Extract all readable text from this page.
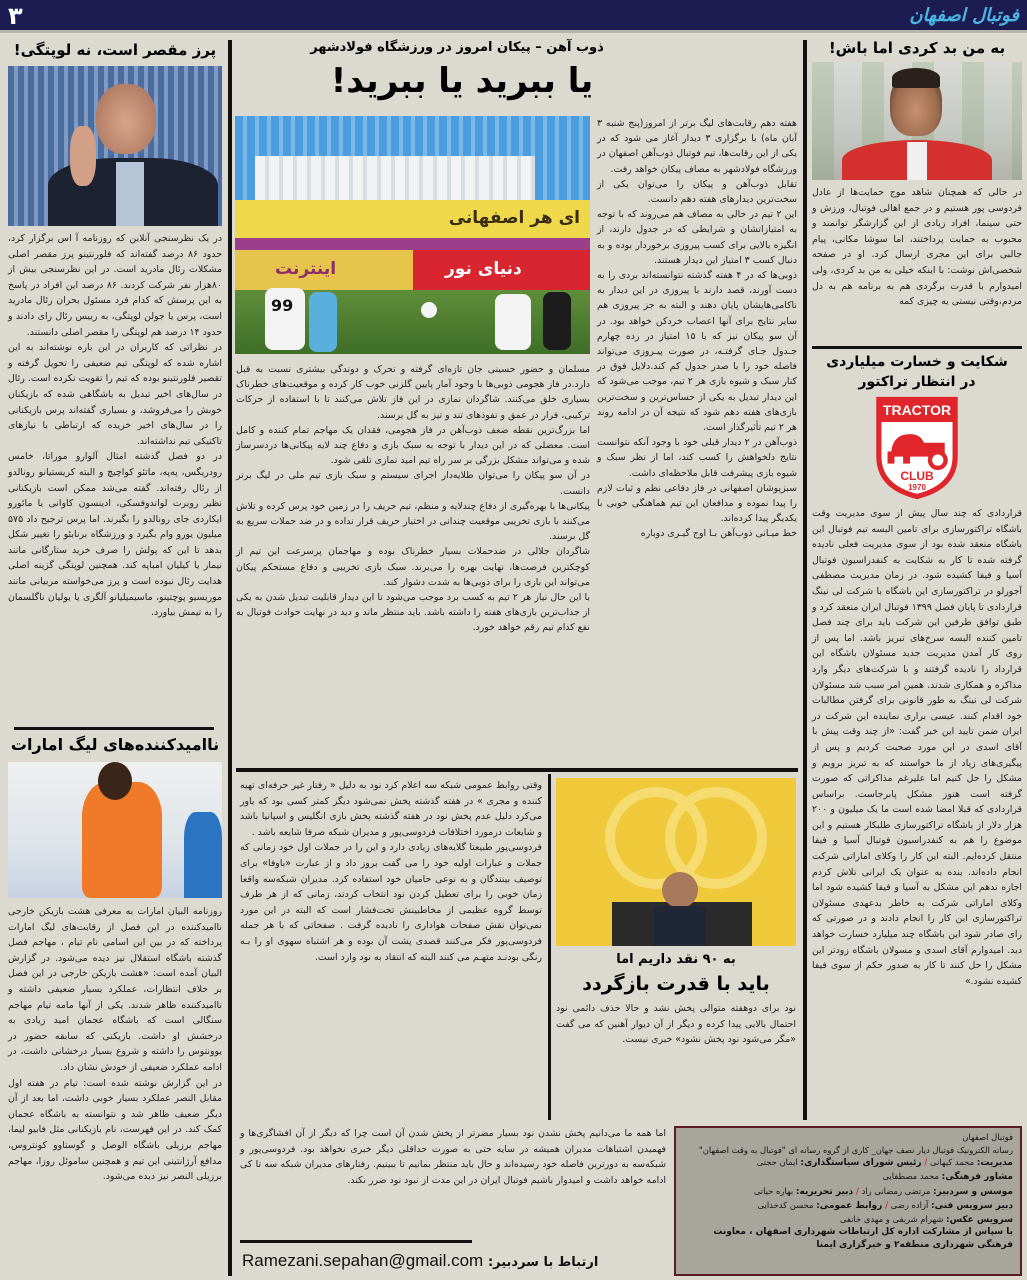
۳	فوتبال اصفهان
به من بد کردی اما باش!
در حالی که همچنان شاهد موج حمایت‌ها از عادل فردوسی پور هستیم و در جمع اهالی فوتبال، ورزش و حتی سینما، افراد زیادی از این گزارشگر توانمند و محبوب به حمایت پرداختند، اما سوشا مکانی، پیام جالبی برای این مجری ارسال کرد. او در صفحه شخصی‌اش نوشت: با اینکه خیلی به من بد کردی، ولی امیدوارم با قدرت برگردی هم به برنامه هم به دل مردم،وقتی نیستی یه چیزی کمه
شکایت و خسارت میلیاردی
در انتظار تراکتور
TRACTOR
CLUB
1970
قراردادی که چند سال پیش از سوی مدیریت وقت باشگاه تراکتورسازی برای تامین البسه تیم فوتبال این باشگاه منعقد شده بود از سوی مدیریت فعلی نادیده گرفته شده تا کار به شکایت به کنفدراسیون فوتبال آسیا و فیفا کشیده شود. در زمان مدیریت مصطفی آجورلو در تراکتورسازی این باشگاه با شرکت لی نینگ قراردادی تا پایان فصل ۱۳۹۹ فوتبال ایران منعقد کرد و طبق توافق طرفین این شرکت باید برای چند فصل تامین کننده البسه سرخ‌های تبریز باشد. اما پس از روی کار آمدن مدیریت جدید مسئولان باشگاه این قرارداد را نادیده گرفتند و با شرکت‌های دیگر وارد مذاکره و همکاری شدند. همین امر سبب شد مسئولان شرکت لی نینگ به طور قانونی برای گرفتن مطالبات خود اقدام کنند. عیسی براری نماینده این شرکت در ایران ضمن تایید این خبر گفت: «از چند وقت پیش با آقای اسدی در این مورد صحبت کردیم و پس از پیگیری‌های زیاد از ما خواستند که به تبریز برویم و مشکل را حل کنیم اما علیرغم مذاکراتی که صورت گرفته است هنوز مشکل پابرجاست. براساس قراردادی که قبلا امضا شده است ما یک میلیون و ۲۰۰ هزار دلار از باشگاه تراکتورسازی طلبکار هستیم و این موضوع را هم به کنفدراسیون فوتبال آسیا و فیفا منتقل کرده‌ایم. البته این کار را وکلای اماراتی شرکت انجام داده‌اند. بنده به عنوان یک ایرانی تلاش کردم اجازه ندهم این مشکل به آسیا و فیفا کشیده شود اما وکلای اماراتی شرکت به خاطر بدعهدی مسئولان تراکتورسازی این کار را انجام دادند و در صورتی که رای صادر شود این باشگاه چند میلیارد خسارت خواهد دید. امیدوارم آقای اسدی و مسولان باشگاه زودتر این مشکل را حل کنند تا کار به صدور حکم از سوی فیفا کشیده نشود.»
ذوب آهن – پیکان امروز در ورزشگاه فولادشهر
یا ببرید یا ببرید!
99
ای هر اصفهانی
اینترنت	دنیای نور

هفته دهم رقابت‌های لیگ برتر از امروز(پنج شنبه ۳ آبان ماه) با برگزاری ۳ دیدار آغاز می شود که در یکی از این رقابت‌ها، تیم فوتبال ذوب‌آهن اصفهان در ورزشگاه فولادشهر به مصاف پیکان خواهد رفت.

تقابل ذوب‌آهن و پیکان را می‌توان یکی از سخت‌ترین دیدارهای هفته دهم دانست.

این ۲ تیم در حالی به مصاف هم می‌روند که با توجه به امتیازاتشان و شرایطی که در جدول دارند، از انگیزه بالایی برای کسب پیروزی برخوردار بوده و به دنبال کسب ۳ امتیاز این دیدار هستند.

ذوبی‌ها که در ۴ هفته گذشته نتوانسته‌اند بردی را به دست آورند، قصد دارند با پیروزی در این دیدار به ناکامی‌هایشان پایان دهند و البته به جز پیروزی هم سایر نتایج برای آنها اعصاب خردکن خواهد بود. در آن سو پیکان نیز که با ۱۵ امتیاز در رده چهارم جـدول جـای گرفتـه، در صورت پیـروزی می‌تواند فاصله خود را با صدر جدول کم کند.دلایل فوق در کنار سبک و شیوه بازی هر ۲ تیم، موجب می‌شود که این دیدار تبدیل به یکی از حساس‌ترین و سخت‌ترین بازی‌های هفته دهم شود که نتیجه آن در ادامه روند هر ۲ تیم تأثیرگذار است.

ذوب‌آهن در ۲ دیدار قبلی خود با وجود آنکه نتوانست نتایج دلخواهش را کسب کند، اما از نظر سبک و شیوه بازی پیشرفت قابل ملاحظه‌ای داشت.

سبزپوشان اصفهانی در فاز دفاعی نظم و ثبات لازم را پیدا نموده و مدافعان این تیم هماهنگی خوبی با یکدیگر پیدا کرده‌اند.

خط میـانی ذوب‌آهن بـا اوج گیـری دوباره

مسلمان و حضور حسینی جان تازه‌ای گرفته و تحرک و دوندگی بیشتری نسبت به قبل دارد.در فاز هجومی ذوبی‌ها با وجود آمار پایین گلزنی خوب کار کرده و موقعیت‌های خطرناک بسیاری خلق می‌کنند. شاگردان نمازی در این فاز تلاش می‌کنند تا با استفاده از حرکات ترکیبی، فرار در عمق و نفوذهای تند و تیز به گل برسند.

اما بزرگ‌ترین نقطه ضعف ذوب‌آهن در فاز هجومی، فقدان یک مهاجم تمام کننده و کامل است. معضلی که در این دیدار با توجه به سبک بازی و دفاع چند لایه پیکانی‌ها دردسرساز شده و می‌تواند مشکل بزرگی بر سر راه تیم امید نمازی تلقی شود.

در آن سو پیکان را می‌توان طلایه‌دار اجرای سیستم و سبک بازی تیم ملی در لیگ برتر دانست.

پیکانی‌ها با بهره‌گیری از دفاع چندلایه و منظم، تیم حریف را در زمین خود پرس کرده و تلاش می‌کنند با بازی تخریبی موقعیت چندانی در اختیار حریف قرار نداده و در ضد حملات سریع به گل برسند.

شاگردان جلالی در ضدحملات بسیار خطرناک بوده و مهاجمان پرسرعت این تیم از کوچکترین فرصت‌ها، نهایت بهره را می‌برند. سبک بازی تخریبی و دفاع مستحکم پیکان می‌تواند این بازی را برای ذوبی‌ها به شدت دشوار کند.

با این حال نیاز هر ۲ تیم به کسب برد موجب می‌شود تا این دیدار قابلیت تبدیل شدن به یکی از جذاب‌ترین بازی‌های هفته را داشته باشد. باید منتظر ماند و دید در نهایت حوادث فوتبال به نفع کدام تیم رقم خواهد خورد.

به ۹۰ نقد داریم اما
باید با قدرت بازگردد
نود برای دوهفته متوالی پخش نشد و حالا حذف دائمی نود احتمال بالایی پیدا کرده و دیگر از آن دیوار آهنین که می گفت «مگر می‌شود نود پخش نشود» خبری نیست.

وقتی روابط عمومی شبکه سه اعلام کرد نود به دلیل « رفتار غیر حرفه‌ای تهیه کننده و مجری » در هفته گذشته پخش نمی‌شود دیگر کمتر کسی بود که باور می‌کرد دلیل عدم پخش نود در هفته گذشته پخش بازی انگلیس و اسپانیا باشد و شایعات درمورد اختلافات فردوسی‌پور و مدیران شبکه صرفا شایعه باشد .

فردوسی‌پور طبیعتا گلایه‌های زیادی دارد و این را در جملات اول خود زمانی که جملات و عبارات اولیه خود را می گفت بروز داد و از عبارت «باوفا» برای توصیف بینندگان و به نوعی حامیان خود استفاده کرد. مدیران شبکه‌سه واقعا زمان خوبی را برای تعطیل کردن نود انتخاب کردند، زمانی که از هر طرف توسط گروه عظیمی از مخاطبینش تحت‌فشار است که البته در این مورد نمی‌توان نقش صفحات هواداری را نادیده گرفت . صفحاتی که با هر جمله فردوسی‌پور فکر می‌کنند قصدی پشت آن بوده و هر اشتباه سهوی او را بـه رنگی بودنـد متهـم می کنند البته که انتقاد به نود وارد است.

اما همه ما می‌دانیم پخش نشدن نود بسیار مضرتر از پخش شدن آن است چرا که دیگر از آن افشاگری‌ها و فهمیدن اشتباهات مدیران همیشه در سایه حتی به صورت حداقلی دیگر خبری نخواهد بود. فردوسی‌پور و شبکه‌سه به دورترین فاصله خود رسیده‌اند و حال باید منتظر بمانیم تا ببینیم. رفتارهای مدیران شبکه سه تا کی ادامه خواهد داشت و امیدوار باشیم فوتبال ایران در این مدت از نبود نود ضرر نکند.

Ramezani.sepahan@gmail.com ارتباط با سردبیر:
فوتبال اصفهان
رسانه الکترونیک فوتبال دیار نصف جهان_ کاری از گروه رسانه ای "فوتبال به وقت اصفهان"
مدیریت: محمد کیهانی / رئیس شورای سیاستگذاری: ایمان حجتی
مشاور فرهنگی: محمد مصطفایی
موسس و سردبیر: مرتضی رمضانی راد / دبیر تحریریه: بهاره حیاتی
دبیر سرویس فنی: آزاده رضی / روابط عمومی: محسن کدخدایی
سرویس عکس: شهرام شریفی و مهدی خانفی
با سپاس از مشارکت اداره کل ارتباطات شهرداری اصفهان ، معاونت فرهنگی شهرداری منطقه۲ و خبرگزاری ایمنا
پرز مقصر است، نه لوپتگی!

در یک نظرسنجی آنلاین که روزنامه آ اس برگزار کرد، حدود ۸۶ درصد گفته‌اند که فلورنتینو پرز مقصر اصلی مشکلات رئال مادرید است. در این نظرسنجی بیش از ۸۰هزار نفر شرکت کردند. ۸۶ درصد این افراد در پاسخ به این پرسش که کدام فرد مسئول بحران رئال مادرید است، پرس یا جولن لوپتگی، به رییس رئال رای دادند و حدود ۱۴ درصد هم لوپتگی را مقصر اصلی دانستند.

در نظراتی که کاربران در این باره نوشته‌اند به این اشاره شده که لوپتگی تیم ضعیفی را تحویل گرفته و تقصیر فلورنتینو بوده که تیم را تقویت نکرده است. رئال در سال‌های اخیر تبدیل به باشگاهی شده که بازیکنان خوبش را می‌فروشد، و بسیاری گفته‌اند پرس بازیکنانی را در سال‌های اخیر خریده که ارتباطی با نیازهای تاکتیکی تیم نداشته‌اند.

در دو فصل گذشته امثال آلوارو موراتا، خامس رودریگس، په‌په، ماتئو کواچیچ و البته کریستیانو رونالدو از رئال رفته‌اند. گفته می‌شد ممکن است بازیکنانی نظیر روبرت لواندوفسکی، ادینسون کاوانی یا مائورو ایکاردی جای رونالدو را بگیرند. اما پرس ترجیح داد ۵۷۵ میلیون یورو وام بگیرد و ورزشگاه برنابئو را تغییر شکل بدهد تا این که پولش را صرف خرید ستارگانی مانند نیمار یا کیلیان امباپه کند. همچنین لوپتگی گزینه اصلی هدایت رئال نبوده است و پرز می‌خواسته مربیانی مانند موریسیو پوچتینو، ماسیمیلیانو آلگری یا یولیان ناگلسمان را به تیمش بیاورد.

ناامیدکننده‌های لیگ امارات

روزنامه البیان امارات به معرفی هشت بازیکن خارجی ناامیدکننده در این فصل از رقابت‌های لیگ امارات پرداخته که در بین این اسامی نام تیام ، مهاجم فصل گذشته باشگاه استقلال نیز دیده می‌شود. در گزارش البیان آمده است: «هشت بازیکن خارجی در این فصل بر خلاف انتظارات، عملکرد بسیار ضعیفی داشته و ناامیدکننده ظاهر شدند. یکی از آنها مامه تیام مهاجم سنگالی است که باشگاه عجمان امید زیادی به درخشش او داشت. بازیکنی که سابقه حضور در یوونتوس را داشته و شروع بسیار درخشانی داشت، در ادامه عملکرد ضعیفی از خودش نشان داد.

در این گزارش نوشته شده است: تیام در هفته اول مقابل النصر عملکرد بسیار خوبی داشت، اما بعد از آن دیگر ضعیف ظاهر شد و نتوانسته به باشگاه عجمان کمک کند. در این فهرست، نام بازیکنانی مثل فابیو لیما، مهاجم برزیلی باشگاه الوصل و گوستاوو کونتروس، مدافع آرژانتینی این تیم و همچنین ساموئل روزا، مهاجم برزیلی النصر نیز دیده می‌شود.
